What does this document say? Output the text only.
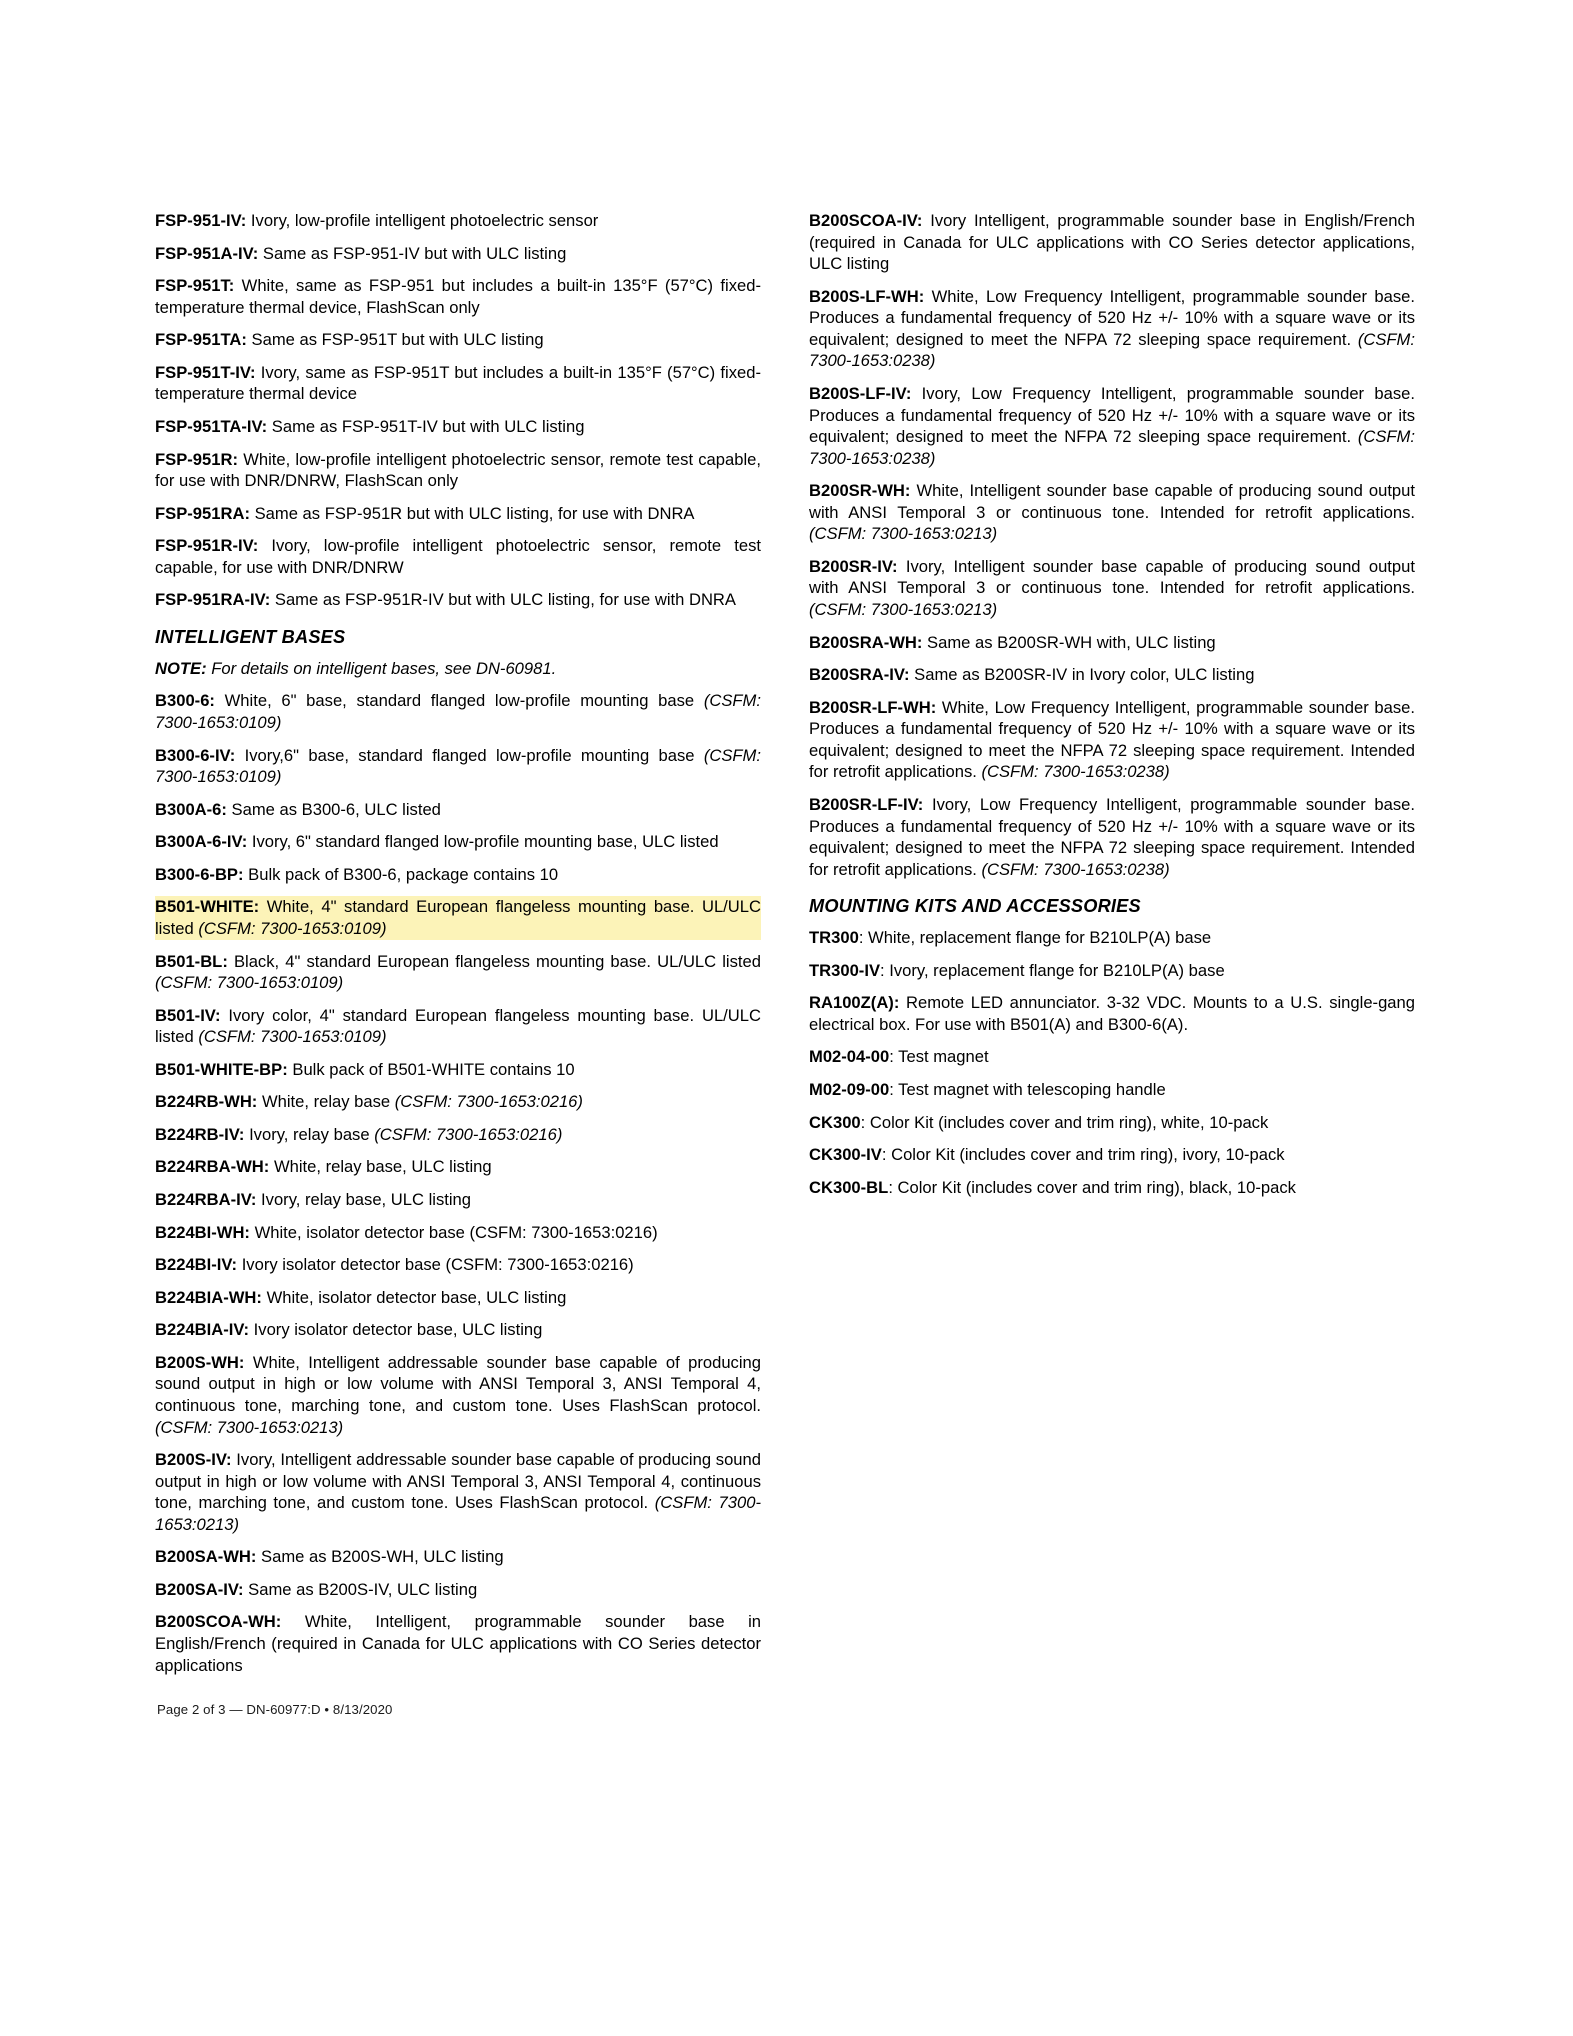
FSP-951-IV: Ivory, low-profile intelligent photoelectric sensor
FSP-951A-IV: Same as FSP-951-IV but with ULC listing
FSP-951T: White, same as FSP-951 but includes a built-in 135°F (57°C) fixed-temperature thermal device, FlashScan only
FSP-951TA: Same as FSP-951T but with ULC listing
FSP-951T-IV: Ivory, same as FSP-951T but includes a built-in 135°F (57°C) fixed-temperature thermal device
FSP-951TA-IV: Same as FSP-951T-IV but with ULC listing
FSP-951R: White, low-profile intelligent photoelectric sensor, remote test capable, for use with DNR/DNRW, FlashScan only
FSP-951RA: Same as FSP-951R but with ULC listing, for use with DNRA
FSP-951R-IV: Ivory, low-profile intelligent photoelectric sensor, remote test capable, for use with DNR/DNRW
FSP-951RA-IV: Same as FSP-951R-IV but with ULC listing, for use with DNRA
INTELLIGENT BASES
NOTE: For details on intelligent bases, see DN-60981.
B300-6: White, 6" base, standard flanged low-profile mounting base (CSFM: 7300-1653:0109)
B300-6-IV: Ivory,6" base, standard flanged low-profile mounting base (CSFM: 7300-1653:0109)
B300A-6: Same as B300-6, ULC listed
B300A-6-IV: Ivory, 6" standard flanged low-profile mounting base, ULC listed
B300-6-BP: Bulk pack of B300-6, package contains 10
B501-WHITE: White, 4" standard European flangeless mounting base. UL/ULC listed (CSFM: 7300-1653:0109)
B501-BL: Black, 4" standard European flangeless mounting base. UL/ULC listed (CSFM: 7300-1653:0109)
B501-IV: Ivory color, 4" standard European flangeless mounting base. UL/ULC listed (CSFM: 7300-1653:0109)
B501-WHITE-BP: Bulk pack of B501-WHITE contains 10
B224RB-WH: White, relay base (CSFM: 7300-1653:0216)
B224RB-IV: Ivory, relay base (CSFM: 7300-1653:0216)
B224RBA-WH: White, relay base, ULC listing
B224RBA-IV: Ivory, relay base, ULC listing
B224BI-WH: White, isolator detector base (CSFM: 7300-1653:0216)
B224BI-IV: Ivory isolator detector base (CSFM: 7300-1653:0216)
B224BIA-WH: White, isolator detector base, ULC listing
B224BIA-IV: Ivory isolator detector base, ULC listing
B200S-WH: White, Intelligent addressable sounder base capable of producing sound output in high or low volume with ANSI Temporal 3, ANSI Temporal 4, continuous tone, marching tone, and custom tone. Uses FlashScan protocol. (CSFM: 7300-1653:0213)
B200S-IV: Ivory, Intelligent addressable sounder base capable of producing sound output in high or low volume with ANSI Temporal 3, ANSI Temporal 4, continuous tone, marching tone, and custom tone. Uses FlashScan protocol. (CSFM: 7300-1653:0213)
B200SA-WH: Same as B200S-WH, ULC listing
B200SA-IV: Same as B200S-IV, ULC listing
B200SCOA-WH: White, Intelligent, programmable sounder base in English/French (required in Canada for ULC applications with CO Series detector applications
B200SCOA-IV: Ivory Intelligent, programmable sounder base in English/French (required in Canada for ULC applications with CO Series detector applications, ULC listing
B200S-LF-WH: White, Low Frequency Intelligent, programmable sounder base. Produces a fundamental frequency of 520 Hz +/- 10% with a square wave or its equivalent; designed to meet the NFPA 72 sleeping space requirement. (CSFM: 7300-1653:0238)
B200S-LF-IV: Ivory, Low Frequency Intelligent, programmable sounder base. Produces a fundamental frequency of 520 Hz +/- 10% with a square wave or its equivalent; designed to meet the NFPA 72 sleeping space requirement. (CSFM: 7300-1653:0238)
B200SR-WH: White, Intelligent sounder base capable of producing sound output with ANSI Temporal 3 or continuous tone. Intended for retrofit applications. (CSFM: 7300-1653:0213)
B200SR-IV: Ivory, Intelligent sounder base capable of producing sound output with ANSI Temporal 3 or continuous tone. Intended for retrofit applications. (CSFM: 7300-1653:0213)
B200SRA-WH: Same as B200SR-WH with, ULC listing
B200SRA-IV: Same as B200SR-IV in Ivory color, ULC listing
B200SR-LF-WH: White, Low Frequency Intelligent, programmable sounder base. Produces a fundamental frequency of 520 Hz +/- 10% with a square wave or its equivalent; designed to meet the NFPA 72 sleeping space requirement. Intended for retrofit applications. (CSFM: 7300-1653:0238)
B200SR-LF-IV: Ivory, Low Frequency Intelligent, programmable sounder base. Produces a fundamental frequency of 520 Hz +/- 10% with a square wave or its equivalent; designed to meet the NFPA 72 sleeping space requirement. Intended for retrofit applications. (CSFM: 7300-1653:0238)
MOUNTING KITS AND ACCESSORIES
TR300: White, replacement flange for B210LP(A) base
TR300-IV: Ivory, replacement flange for B210LP(A) base
RA100Z(A): Remote LED annunciator. 3-32 VDC. Mounts to a U.S. single-gang electrical box. For use with B501(A) and B300-6(A).
M02-04-00: Test magnet
M02-09-00: Test magnet with telescoping handle
CK300: Color Kit (includes cover and trim ring), white, 10-pack
CK300-IV: Color Kit (includes cover and trim ring), ivory, 10-pack
CK300-BL: Color Kit (includes cover and trim ring), black, 10-pack
Page 2 of 3 — DN-60977:D • 8/13/2020
